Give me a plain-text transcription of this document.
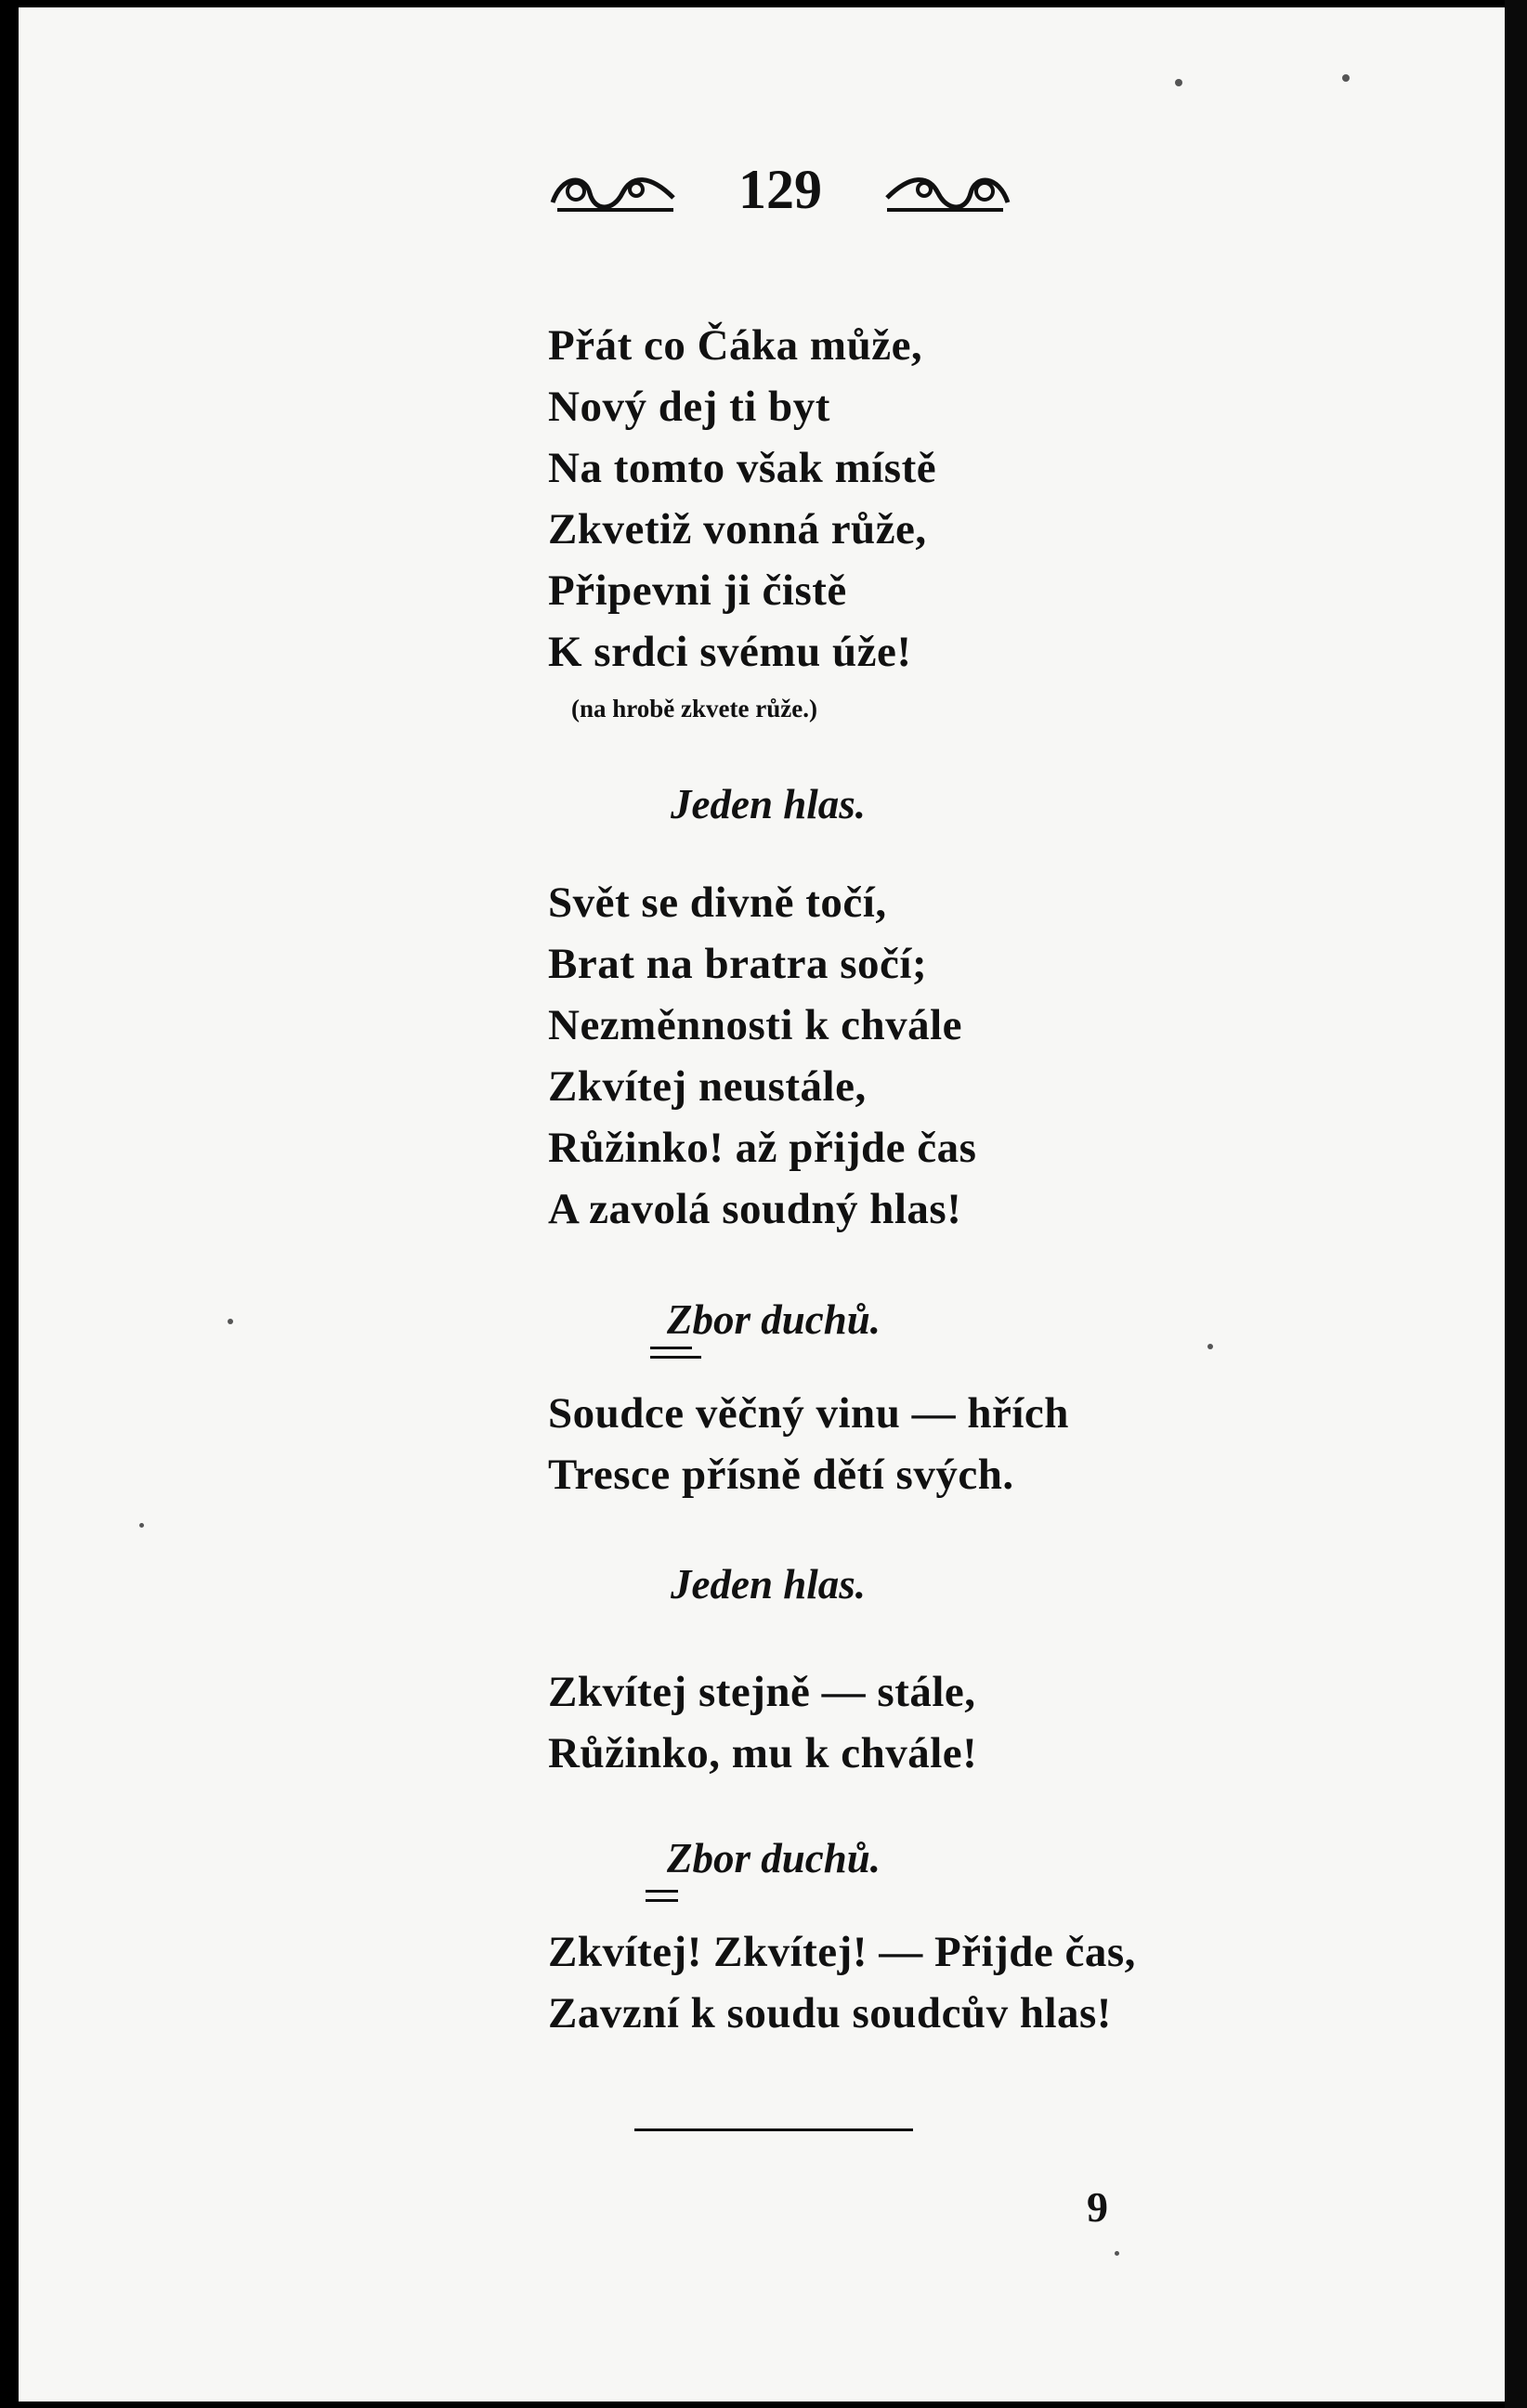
129
Přát co Čáka může,
Nový dej ti byt
Na tomto však místě
Zkvetiž vonná růže,
Připevni ji čistě
K srdci svému úže!
(na hrobě zkvete růže.)
Jeden hlas.
Svět se divně točí,
Brat na bratra sočí;
Nezměnnosti k chvále
Zkvítej neustále,
Růžinko! až přijde čas
A zavolá soudný hlas!
Zbor duchů.
Soudce věčný vinu — hřích
Tresce přísně dětí svých.
Jeden hlas.
Zkvítej stejně — stále,
Růžinko, mu k chvále!
Zbor duchů.
Zkvítej! Zkvítej! — Přijde čas,
Zavzní k soudu soudcův hlas!
9
